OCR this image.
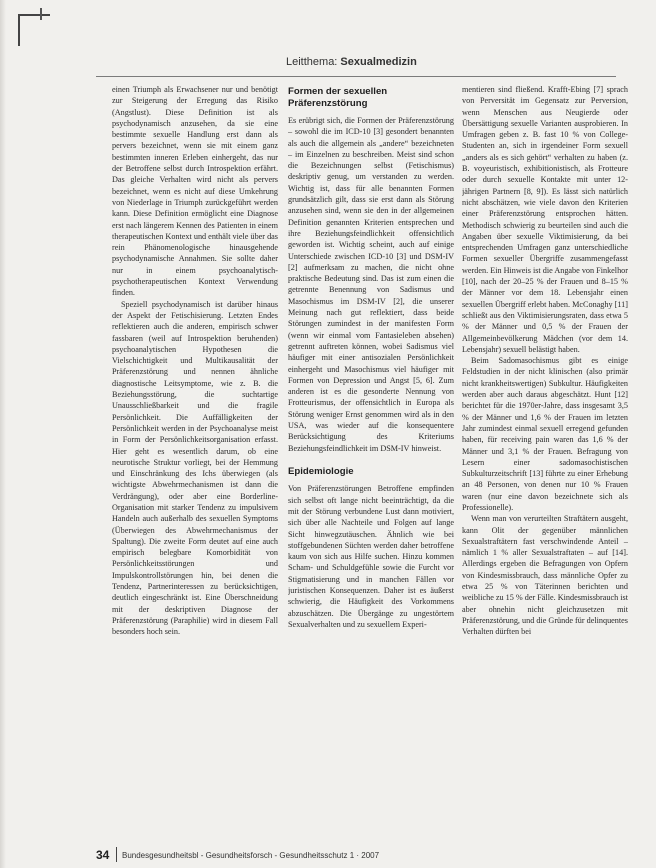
Leitthema: Sexualmedizin

einen Triumph als Erwachsener nur und benötigt zur Steigerung der Erregung das Risiko (Angstlust). Diese Definition ist als psychodynamisch anzusehen, da sie eine bestimmte sexuelle Handlung erst dann als pervers bezeichnet, wenn sie mit einem ganz bestimmten inneren Erleben einhergeht, das nur der Betroffene selbst durch Introspektion erfährt. Das gleiche Verhalten wird nicht als pervers bezeichnet, wenn es nicht auf diese Umkehrung von Niederlage in Triumph zurückgeführt werden kann. Diese Definition ermöglicht eine Diagnose erst nach längerem Kennen des Patienten in einem therapeutischen Kontext und enthält viele über das rein Phänomenologische hinausgehende psychodynamische Annahmen. Sie sollte daher nur in einem psychoanalytisch-psychotherapeutischen Kontext Verwendung finden.

Speziell psychodynamisch ist darüber hinaus der Aspekt der Fetischisierung. Letzten Endes reflektieren auch die anderen, empirisch schwer fassbaren (weil auf Introspektion beruhenden) psychoanalytischen Hypothesen die Vielschichtigkeit und Multikausalität der Präferenzstörung und nennen ähnliche diagnostische Leitsymptome, wie z. B. die Beziehungsstörung, die suchtartige Unausschließbarkeit und die fragile Persönlichkeit. Die Auffälligkeiten der Persönlichkeit werden in der Psychoanalyse meist in Form der Persönlichkeitsorganisation erfasst. Hier geht es wesentlich darum, ob eine neurotische Struktur vorliegt, bei der Hemmung und Einschränkung des Ichs überwiegen (als wichtigste Abwehrmechanismen ist dann die Verdrängung), oder aber eine Borderline-Organisation mit starker Tendenz zu impulsivem Handeln auch außerhalb des sexuellen Symptoms (Überwiegen des Abwehrmechanismus der Spaltung). Die zweite Form deutet auf eine auch empirisch belegbare Komorbidität von Persönlichkeitsstörungen und Impulskontrollstörungen hin, bei denen die Tendenz, Partnerinteressen zu berücksichtigen, deutlich eingeschränkt ist. Eine Überschneidung mit der deskriptiven Diagnose der Präferenzstörung (Paraphilie) wird in diesem Fall besonders hoch sein.

Formen der sexuellen Präferenzstörung

Es erübrigt sich, die Formen der Präferenzstörung – sowohl die im ICD-10 [3] gesondert benannten als auch die allgemein als „andere“ bezeichneten – im Einzelnen zu beschreiben. Meist sind schon die Bezeichnungen selbst (Fetischismus) deskriptiv genug, um verstanden zu werden. Wichtig ist, dass für alle benannten Formen grundsätzlich gilt, dass sie erst dann als Störung anzusehen sind, wenn sie den in der allgemeinen Definition genannten Kriterien entsprechen und ihre Beziehungsfeindlichkeit offensichtlich geworden ist. Wichtig scheint, auch auf einige Unterschiede zwischen ICD-10 [3] und DSM-IV [2] aufmerksam zu machen, die nicht ohne praktische Bedeutung sind. Das ist zum einen die getrennte Benennung von Sadismus und Masochismus im DSM-IV [2], die unserer Meinung nach gut reflektiert, dass beide Störungen zumindest in der manifesten Form (wenn wir einmal vom Fantasieleben absehen) getrennt auftreten können, wobei Sadismus viel häufiger mit einer antisozialen Persönlichkeit einhergeht und Masochismus viel häufiger mit Formen von Depression und Angst [5, 6]. Zum anderen ist es die gesonderte Nennung von Frotteurismus, der offensichtlich in Europa als Störung weniger Ernst genommen wird als in den USA, was wieder auf die konsequentere Berücksichtigung des Kriteriums Beziehungsfeindlichkeit im DSM-IV hinweist.

Epidemiologie

Von Präferenzstörungen Betroffene empfinden sich selbst oft lange nicht beeinträchtigt, da die mit der Störung verbundene Lust dann motiviert, sich über alle Nachteile und Folgen auf lange Sicht hinwegzutäuschen. Ähnlich wie bei stoffgebundenen Süchten werden daher betroffene kaum von sich aus Hilfe suchen. Hinzu kommen Scham- und Schuldgefühle sowie die Furcht vor Stigmatisierung und in manchen Fällen vor juristischen Konsequenzen. Daher ist es äußerst schwierig, die Häufigkeit des Vorkommens abzuschätzen. Die Übergänge zu ungestörtem Sexualverhalten und zu sexuellem Experi-

mentieren sind fließend. Krafft-Ebing [7] sprach von Perversität im Gegensatz zur Perversion, wenn Menschen aus Neugierde oder Übersättigung sexuelle Varianten ausprobieren. In Umfragen geben z. B. fast 10 % von College-Studenten an, sich in irgendeiner Form sexuell „anders als es sich gehört“ verhalten zu haben (z. B. voyeuristisch, exhibitionistisch, als Frotteure oder durch sexuelle Kontakte mit unter 12-jährigen Partnern [8, 9]). Es lässt sich natürlich nicht abschätzen, wie viele davon den Kriterien einer Präferenzstörung entsprochen hätten. Methodisch schwierig zu beurteilen sind auch die Angaben über sexuelle Viktimisierung, da bei entsprechenden Umfragen ganz unterschiedliche Formen sexueller Übergriffe zusammengefasst werden. Ein Hinweis ist die Angabe von Finkelhor [10], nach der 20–25 % der Frauen und 8–15 % der Männer vor dem 18. Lebensjahr einen sexuellen Übergriff erlebt haben. McConaghy [11] schließt aus den Viktimisierungsraten, dass etwa 5 % der Männer und 0,5 % der Frauen der Allgemeinbevölkerung Mädchen (vor dem 14. Lebensjahr) sexuell belästigt haben.

Beim Sadomasochismus gibt es einige Feldstudien in der nicht klinischen (also primär nicht krankheitswertigen) Subkultur. Häufigkeiten werden aber auch daraus abgeschätzt. Hunt [12] berichtet für die 1970er-Jahre, dass insgesamt 3,5 % der Männer und 1,6 % der Frauen im letzten Jahr zumindest einmal sexuell erregend gefunden haben, für receiving pain waren das 1,6 % der Männer und 3,1 % der Frauen. Befragung von Lesern einer sadomasochistischen Subkulturzeitschrift [13] führte zu einer Erhebung an 48 Personen, von denen nur 10 % Frauen waren (nur eine davon bezeichnete sich als Professionelle).

Wenn man von verurteilten Straftätern ausgeht, kann Olit der gegenüber männlichen Sexualstraftätern fast verschwindende Anteil – nämlich 1 % aller Sexualstraftaten – auf [14]. Allerdings ergeben die Befragungen von Opfern von Kindesmissbrauch, dass männliche Opfer zu etwa 25 % von Täterinnen berichten und weibliche zu 15 % der Fälle. Kindesmissbrauch ist aber ohnehin nicht gleichzusetzen mit Präferenzstörung, und die Gründe für delinquentes Verhalten dürften bei

34 Bundesgesundheitsbl - Gesundheitsforsch - Gesundheitsschutz 1 · 2007
